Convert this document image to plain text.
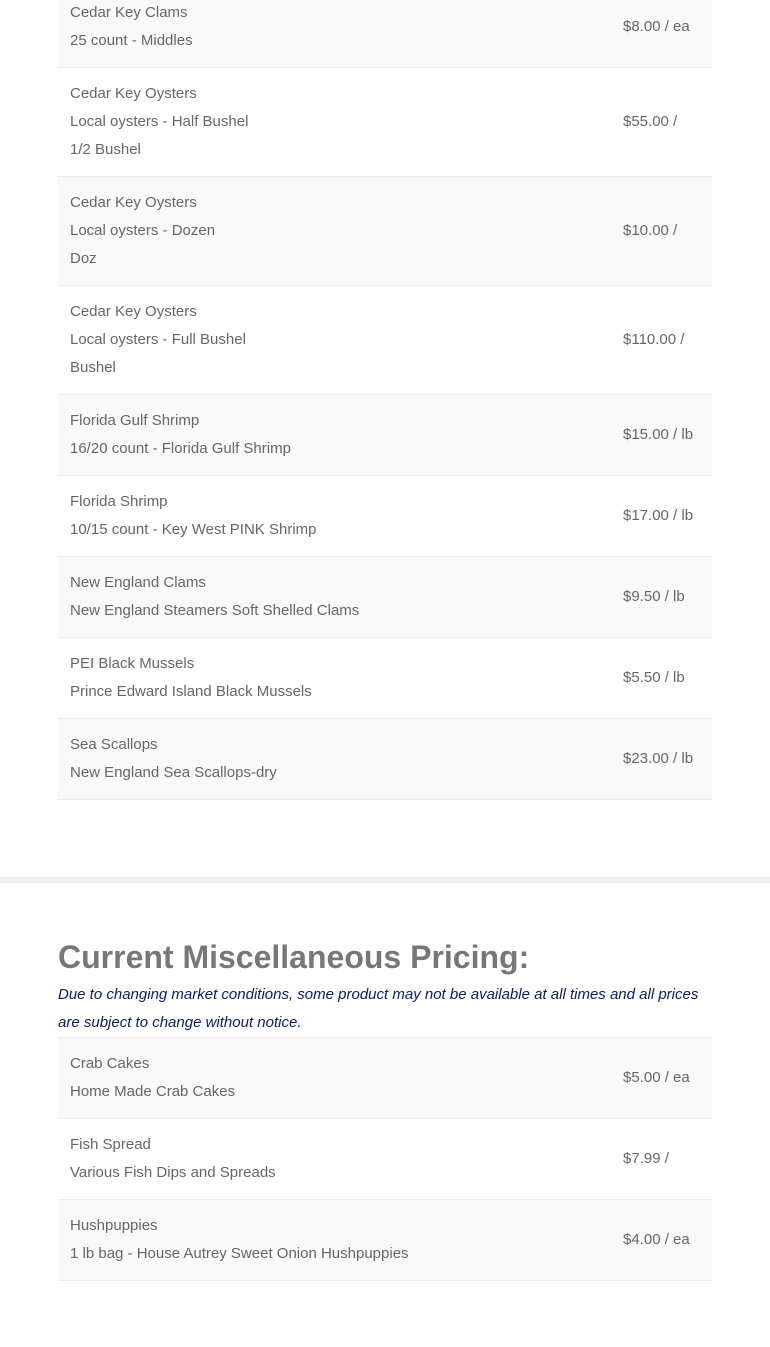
Cedar Key Clams
25 count - Middles
$8.00 / ea
Cedar Key Oysters
Local oysters - Half Bushel
1/2 Bushel
$55.00 /
Cedar Key Oysters
Local oysters - Dozen
Doz
$10.00 /
Cedar Key Oysters
Local oysters - Full Bushel
Bushel
$110.00 /
Florida Gulf Shrimp
16/20 count - Florida Gulf Shrimp
$15.00 / lb
Florida Shrimp
10/15 count - Key West PINK Shrimp
$17.00 / lb
New England Clams
New England Steamers Soft Shelled Clams
$9.50 / lb
PEI Black Mussels
Prince Edward Island Black Mussels
$5.50 / lb
Sea Scallops
New England Sea Scallops-dry
$23.00 / lb
Current Miscellaneous Pricing:

Due to changing market conditions, some product may not be available at all times and all prices are subject to change without notice.

Crab Cakes
Home Made Crab Cakes
$5.00 / ea
Fish Spread
Various Fish Dips and Spreads
$7.99 /
Hushpuppies
1 lb bag - House Autrey Sweet Onion Hushpuppies
$4.00 / ea
